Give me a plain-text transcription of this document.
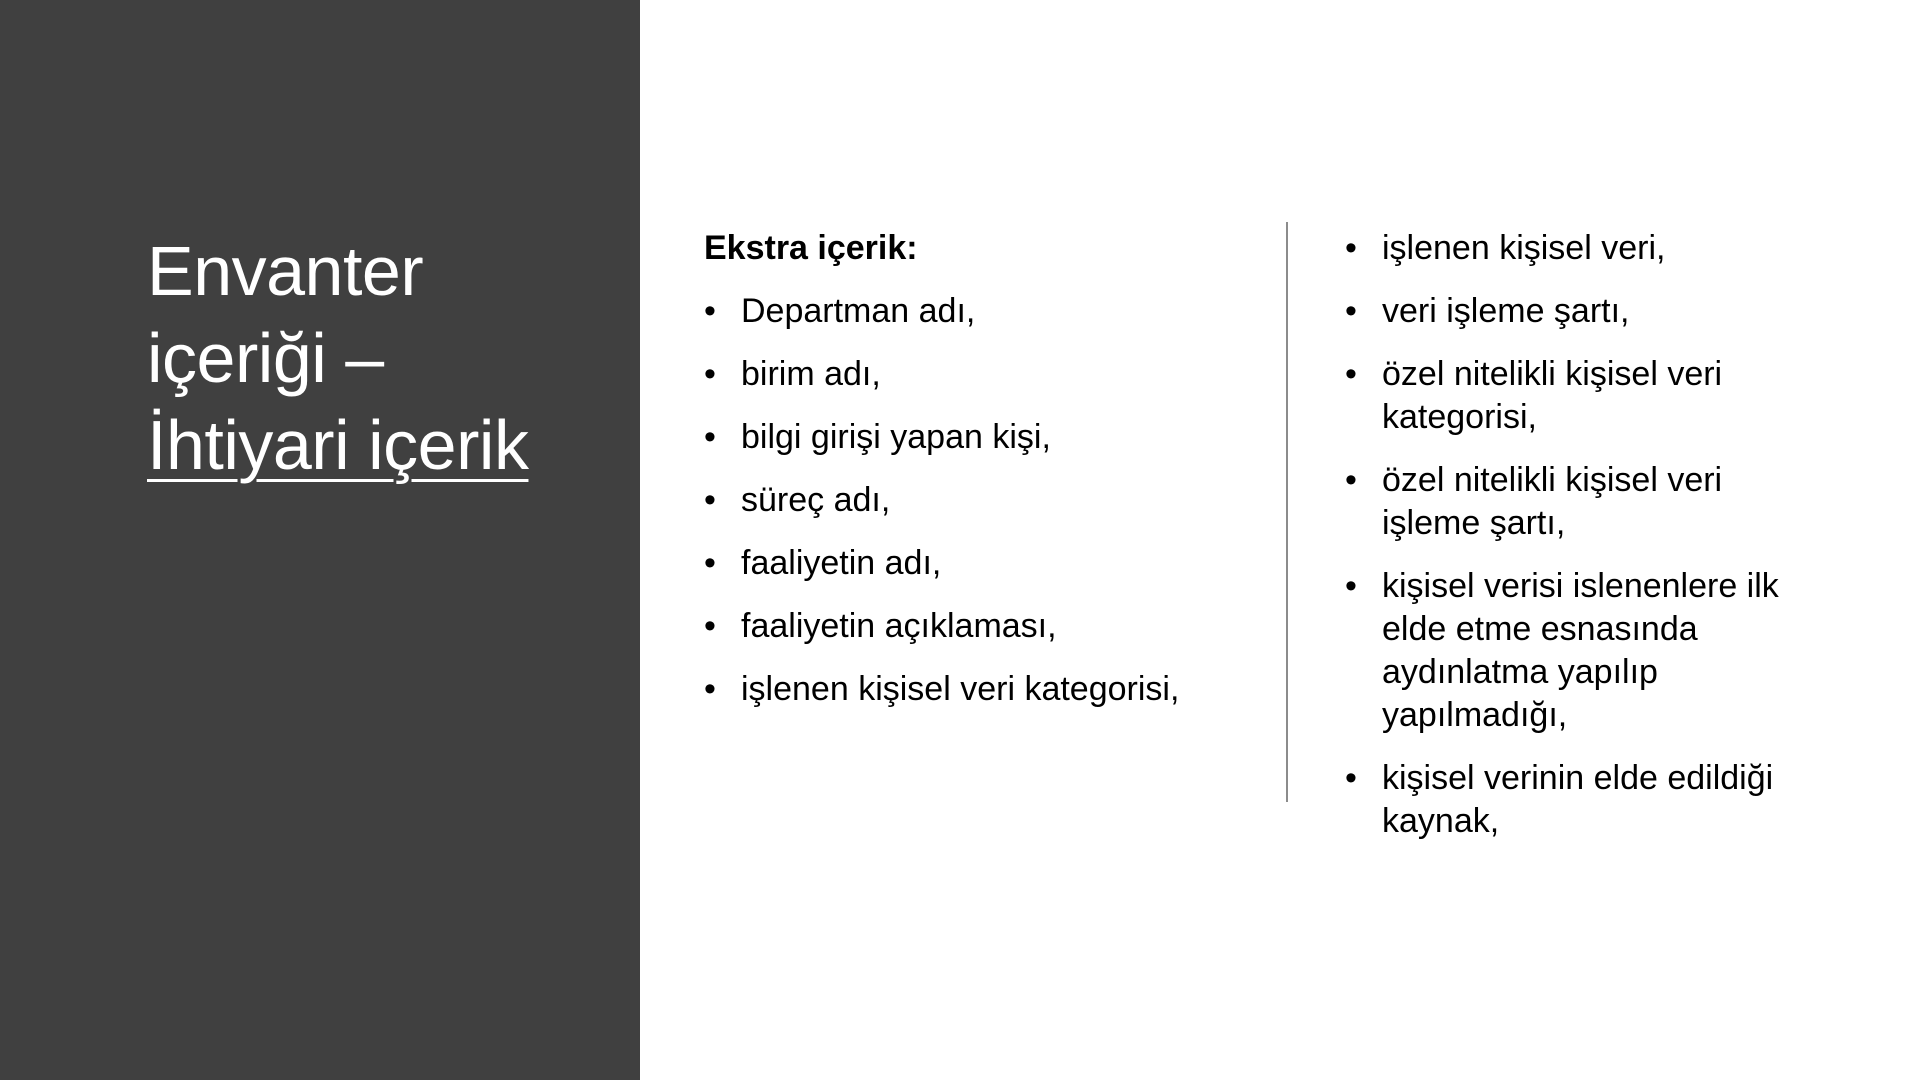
Envanter
içeriği –
İhtiyari içerik
Ekstra içerik:
• Departman adı,
• birim adı,
• bilgi girişi yapan kişi,
• süreç adı,
• faaliyetin adı,
• faaliyetin açıklaması,
• işlenen kişisel veri kategorisi,
• işlenen kişisel veri,
• veri işleme şartı,
• özel nitelikli kişisel veri kategorisi,
• özel nitelikli kişisel veri işleme şartı,
• kişisel verisi islenenlere ilk elde etme esnasında aydınlatma yapılıp yapılmadığı,
• kişisel verinin elde edildiği kaynak,
